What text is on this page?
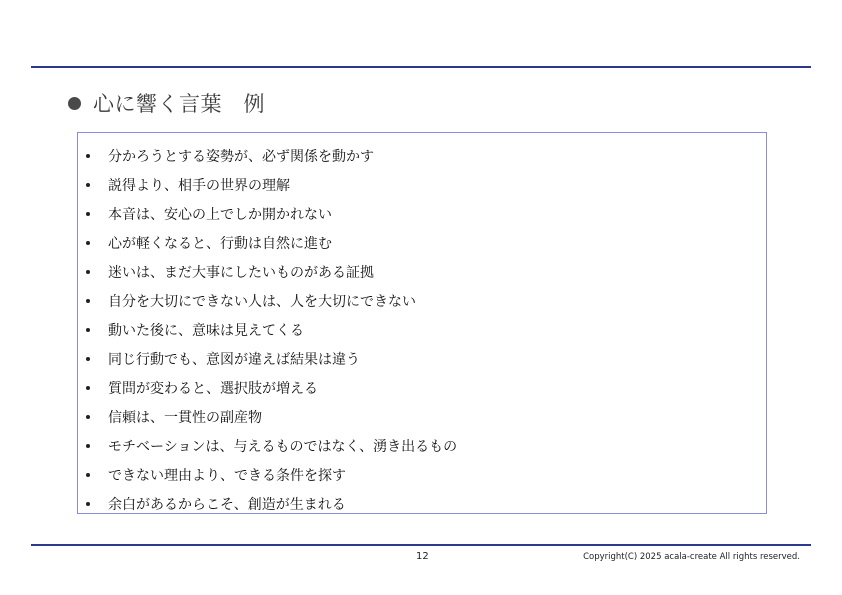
心に響く言葉　例
分かろうとする姿勢が、必ず関係を動かす
説得より、相手の世界の理解
本音は、安心の上でしか開かれない
心が軽くなると、行動は自然に進む
迷いは、まだ大事にしたいものがある証拠
自分を大切にできない人は、人を大切にできない
動いた後に、意味は見えてくる
同じ行動でも、意図が違えば結果は違う
質問が変わると、選択肢が増える
信頼は、一貫性の副産物
モチベーションは、与えるものではなく、湧き出るもの
できない理由より、できる条件を探す
余白があるからこそ、創造が生まれる
12	Copyright(C) 2025 acala-create All rights reserved.
